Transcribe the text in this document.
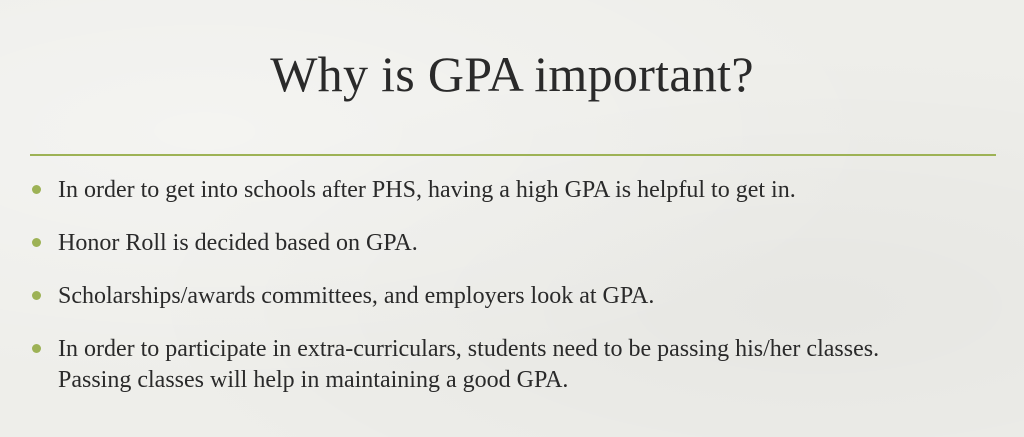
Why is GPA important?
In order to get into schools after PHS, having a high GPA is helpful to get in.
Honor Roll is decided based on GPA.
Scholarships/awards committees, and employers look at GPA.
In order to participate in extra-curriculars, students need to be passing his/her classes. Passing classes will help in maintaining a good GPA.
